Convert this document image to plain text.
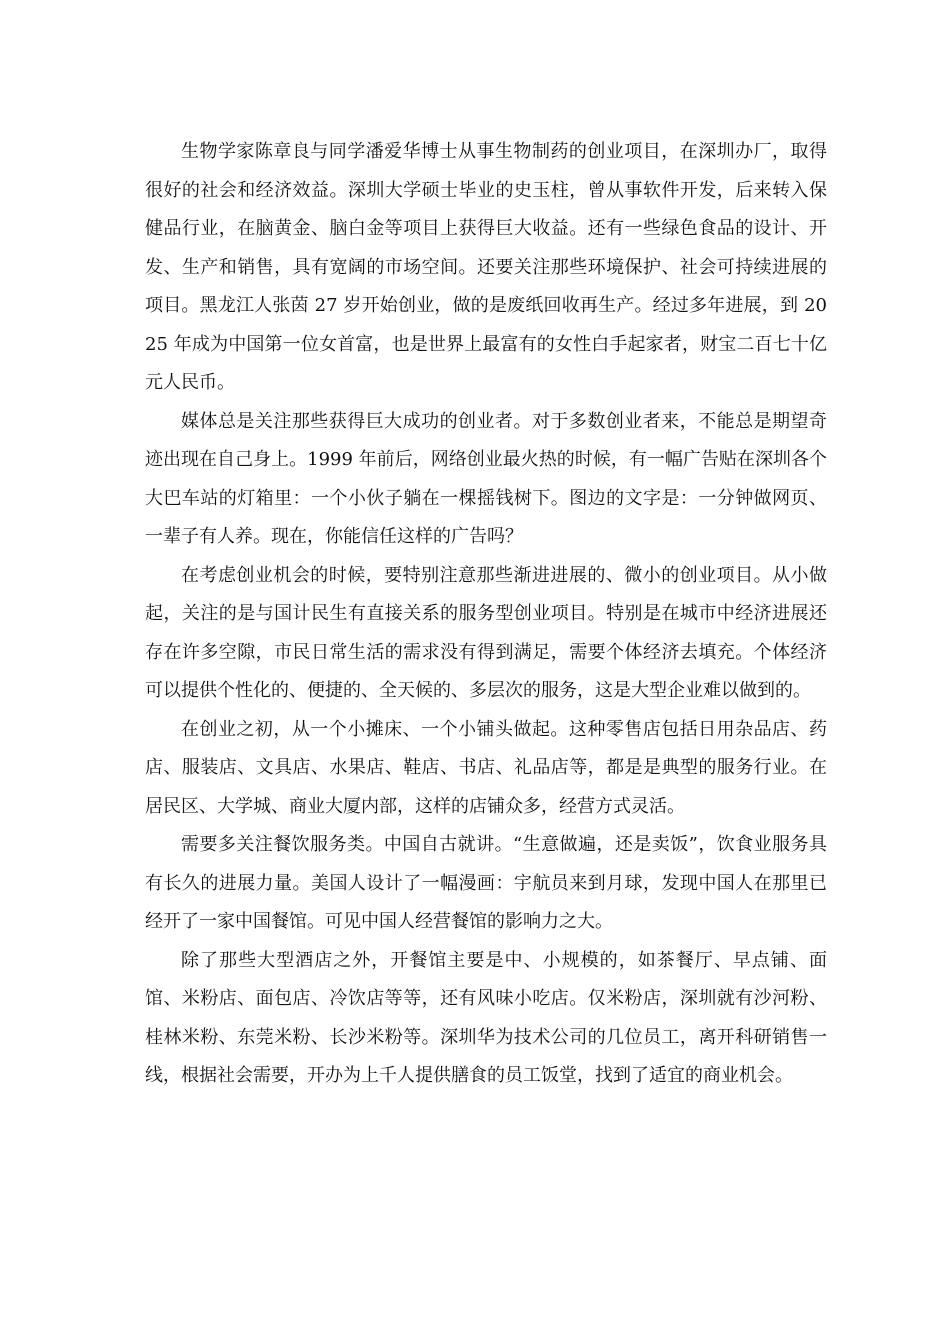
生物学家陈章良与同学潘爱华博士从事生物制药的创业项目，在深圳办厂，取得很好的社会和经济效益。深圳大学硕士毕业的史玉柱，曾从事软件开发，后来转入保健品行业，在脑黄金、脑白金等项目上获得巨大收益。还有一些绿色食品的设计、开发、生产和销售，具有宽阔的市场空间。还要关注那些环境保护、社会可持续进展的项目。黑龙江人张茵 27 岁开始创业，做的是废纸回收再生产。经过多年进展，到 2025 年成为中国第一位女首富，也是世界上最富有的女性白手起家者，财宝二百七十亿元人民币。

媒体总是关注那些获得巨大成功的创业者。对于多数创业者来，不能总是期望奇迹出现在自己身上。1999 年前后，网络创业最火热的时候，有一幅广告贴在深圳各个大巴车站的灯箱里：一个小伙子躺在一棵摇钱树下。图边的文字是：一分钟做网页、一辈子有人养。现在，你能信任这样的广告吗？

在考虑创业机会的时候，要特别注意那些渐进进展的、微小的创业项目。从小做起，关注的是与国计民生有直接关系的服务型创业项目。特别是在城市中经济进展还存在许多空隙，市民日常生活的需求没有得到满足，需要个体经济去填充。个体经济可以提供个性化的、便捷的、全天候的、多层次的服务，这是大型企业难以做到的。

在创业之初，从一个小摊床、一个小铺头做起。这种零售店包括日用杂品店、药店、服装店、文具店、水果店、鞋店、书店、礼品店等，都是是典型的服务行业。在居民区、大学城、商业大厦内部，这样的店铺众多，经营方式灵活。

需要多关注餐饮服务类。中国自古就讲。“生意做遍，还是卖饭”，饮食业服务具有长久的进展力量。美国人设计了一幅漫画：宇航员来到月球，发现中国人在那里已经开了一家中国餐馆。可见中国人经营餐馆的影响力之大。

除了那些大型酒店之外，开餐馆主要是中、小规模的，如茶餐厅、早点铺、面馆、米粉店、面包店、冷饮店等等，还有风味小吃店。仅米粉店，深圳就有沙河粉、桂林米粉、东莞米粉、长沙米粉等。深圳华为技术公司的几位员工，离开科研销售一线，根据社会需要，开办为上千人提供膳食的员工饭堂，找到了适宜的商业机会。
